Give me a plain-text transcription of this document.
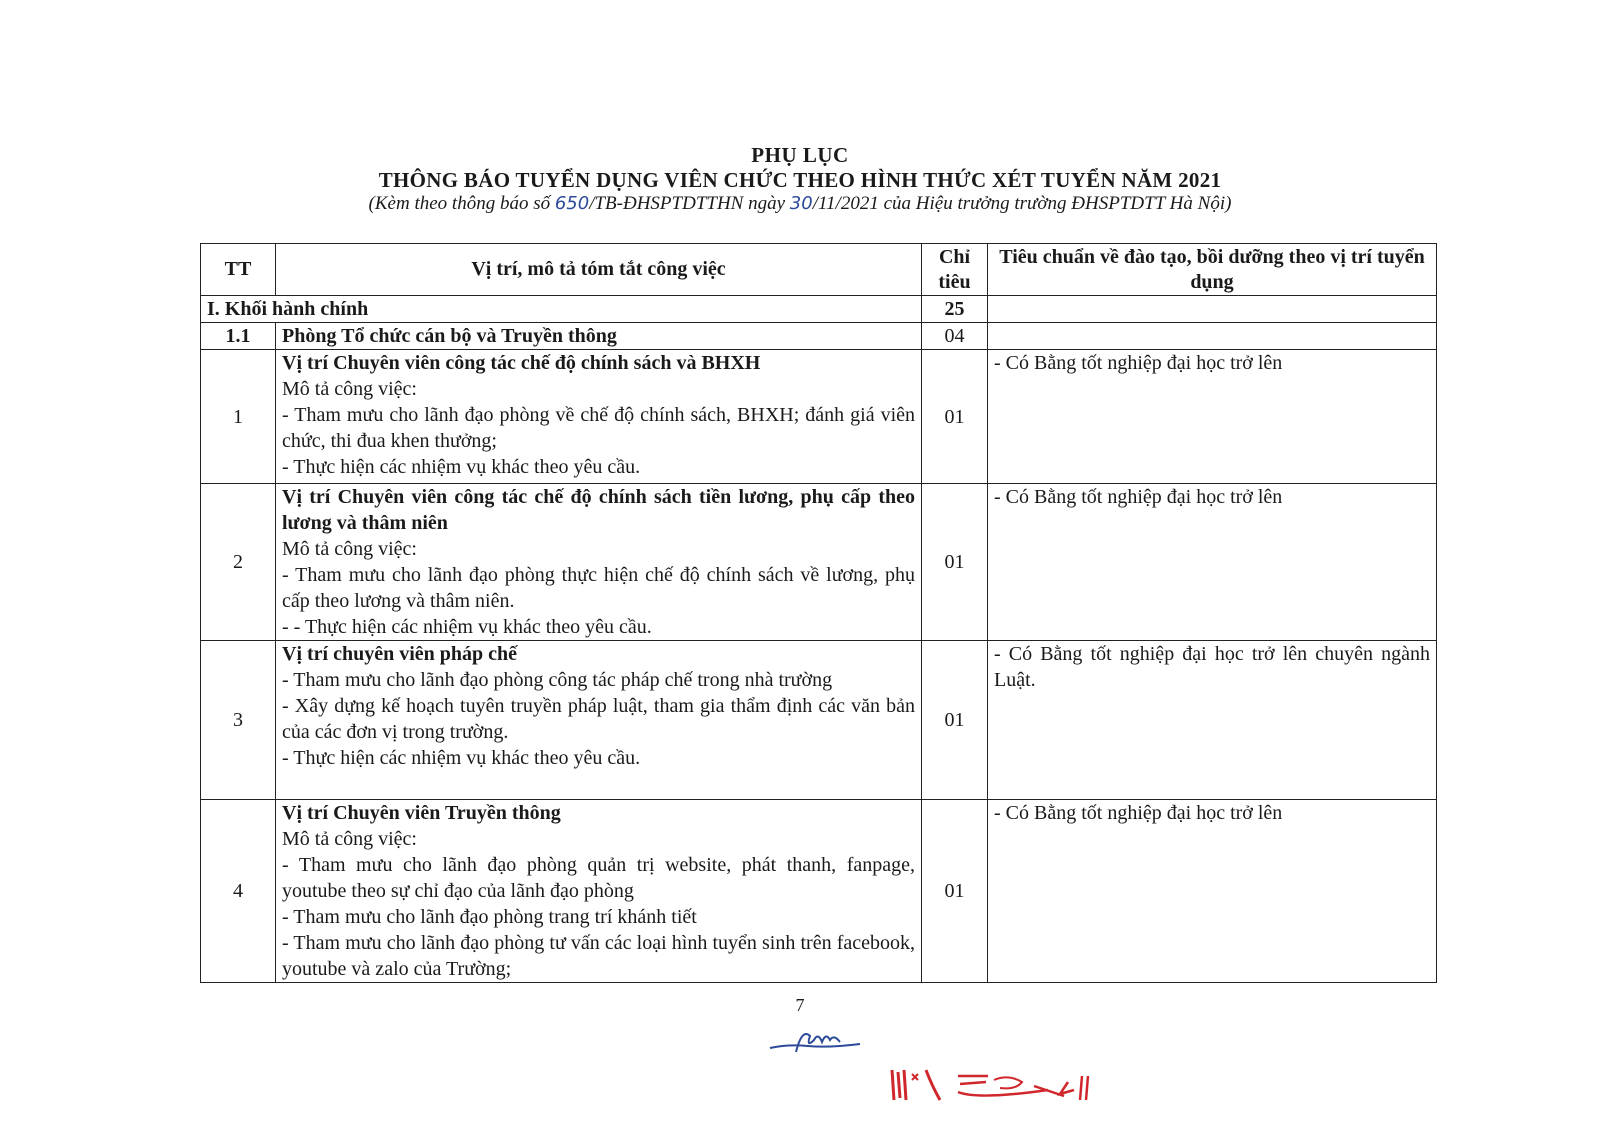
PHỤ LỤC
THÔNG BÁO TUYỂN DỤNG VIÊN CHỨC THEO HÌNH THỨC XÉT TUYỂN NĂM 2021
(Kèm theo thông báo số 650/TB-ĐHSPTDTTHN ngày 30/11/2021 của Hiệu trưởng trường ĐHSPTDTT Hà Nội)
TT	Vị trí, mô tả tóm tắt công việc	Chỉ tiêu	Tiêu chuẩn về đào tạo, bồi dưỡng theo vị trí tuyển dụng
I. Khối hành chính		25	
1.1	Phòng Tổ chức cán bộ và Truyền thông	04	
1	Vị trí Chuyên viên công tác chế độ chính sách và BHXH

Mô tả công việc:

- Tham mưu cho lãnh đạo phòng về chế độ chính sách, BHXH; đánh giá viên chức, thi đua khen thưởng;

- Thực hiện các nhiệm vụ khác theo yêu cầu.	01	- Có Bằng tốt nghiệp đại học trở lên

2	Vị trí Chuyên viên công tác chế độ chính sách tiền lương, phụ cấp theo lương và thâm niên

Mô tả công việc:

- Tham mưu cho lãnh đạo phòng thực hiện chế độ chính sách về lương, phụ cấp theo lương và thâm niên.

- - Thực hiện các nhiệm vụ khác theo yêu cầu.	01	- Có Bằng tốt nghiệp đại học trở lên

3	Vị trí chuyên viên pháp chế

- Tham mưu cho lãnh đạo phòng công tác pháp chế trong nhà trường

- Xây dựng kế hoạch tuyên truyền pháp luật, tham gia thẩm định các văn bản của các đơn vị trong trường.

- Thực hiện các nhiệm vụ khác theo yêu cầu.	01	- Có Bằng tốt nghiệp đại học trở lên chuyên ngành Luật.

4	Vị trí Chuyên viên Truyền thông

Mô tả công việc:

- Tham mưu cho lãnh đạo phòng quản trị website, phát thanh, fanpage, youtube theo sự chỉ đạo của lãnh đạo phòng

- Tham mưu cho lãnh đạo phòng trang trí khánh tiết

- Tham mưu cho lãnh đạo phòng tư vấn các loại hình tuyển sinh trên facebook, youtube và zalo của Trường;	01	- Có Bằng tốt nghiệp đại học trở lên

7
